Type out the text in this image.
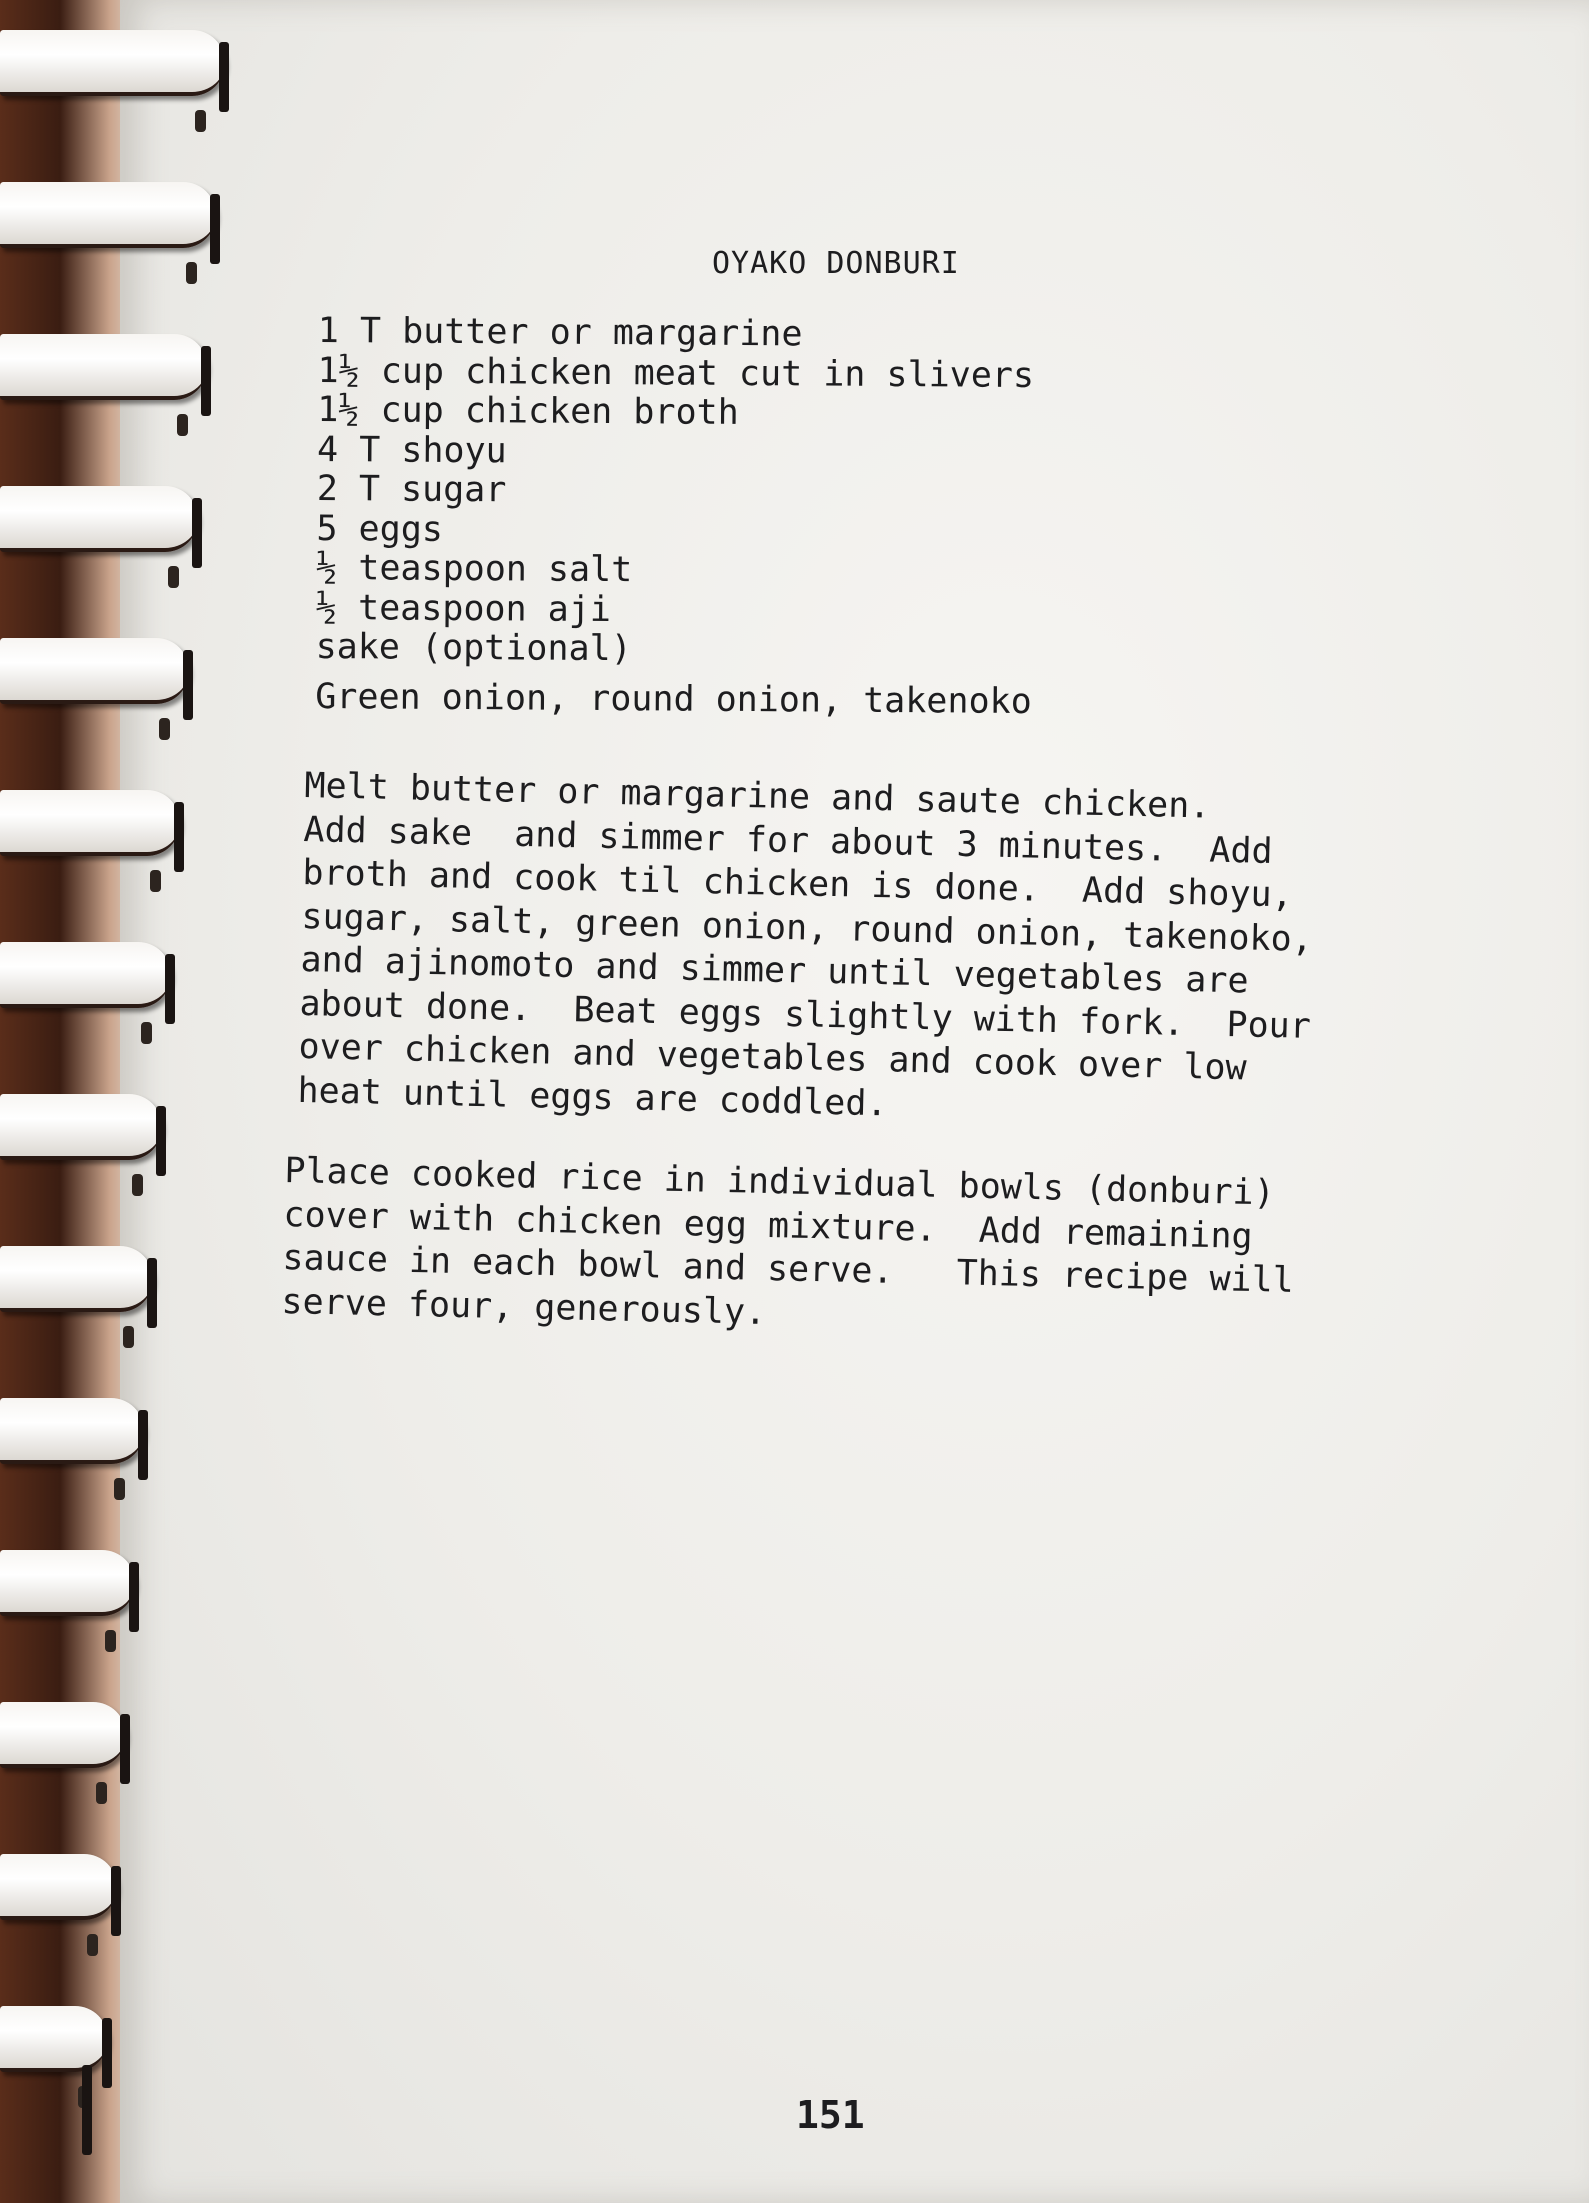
OYAKO DONBURI
1 T butter or margarine
1½ cup chicken meat cut in slivers
1½ cup chicken broth
4 T shoyu
2 T sugar
5 eggs
½ teaspoon salt
½ teaspoon aji
sake (optional)
Green onion, round onion, takenoko

Melt butter or margarine and saute chicken.
Add sake  and simmer for about 3 minutes.  Add
broth and cook til chicken is done.  Add shoyu,
sugar, salt, green onion, round onion, takenoko,
and ajinomoto and simmer until vegetables are
about done.  Beat eggs slightly with fork.  Pour
over chicken and vegetables and cook over low
heat until eggs are coddled.

Place cooked rice in individual bowls (donburi)
cover with chicken egg mixture.  Add remaining
sauce in each bowl and serve.   This recipe will
serve four, generously.

151
